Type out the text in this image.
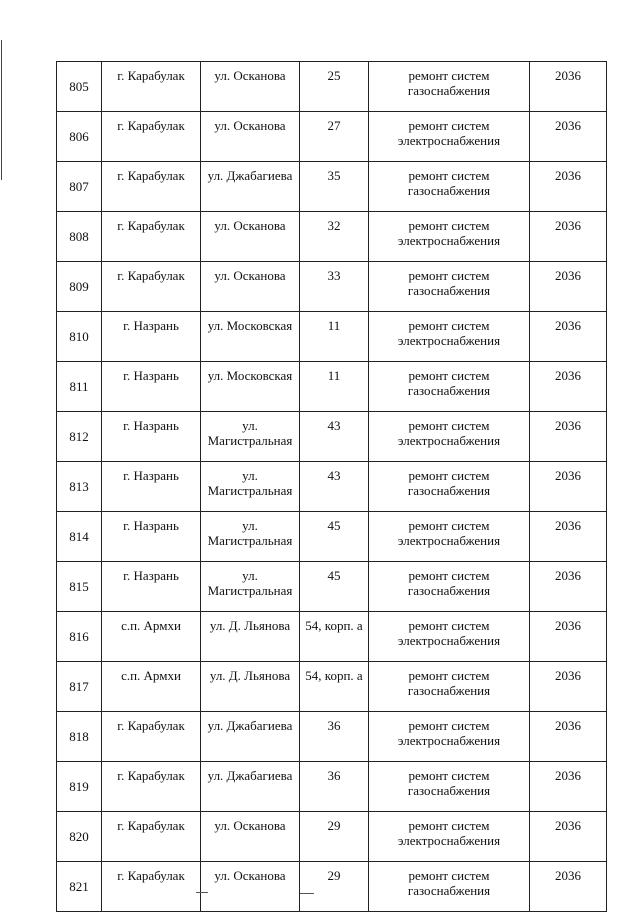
805	г. Карабулак	ул. Осканова	25	ремонт систем газоснабжения	2036

806	г. Карабулак	ул. Осканова	27	ремонт систем электроснабжения	2036

807	г. Карабулак	ул. Джабагиева	35	ремонт систем газоснабжения	2036

808	г. Карабулак	ул. Осканова	32	ремонт систем электроснабжения	2036

809	г. Карабулак	ул. Осканова	33	ремонт систем газоснабжения	2036

810	г. Назрань	ул. Московская	11	ремонт систем электроснабжения	2036

811	г. Назрань	ул. Московская	11	ремонт систем газоснабжения	2036

812	г. Назрань	ул. Магистральная	43	ремонт систем электроснабжения	2036

813	г. Назрань	ул. Магистральная	43	ремонт систем газоснабжения	2036

814	г. Назрань	ул. Магистральная	45	ремонт систем электроснабжения	2036

815	г. Назрань	ул. Магистральная	45	ремонт систем газоснабжения	2036

816	с.п. Армхи	ул. Д. Льянова	54, корп. а	ремонт систем электроснабжения	2036

817	с.п. Армхи	ул. Д. Льянова	54, корп. а	ремонт систем газоснабжения	2036

818	г. Карабулак	ул. Джабагиева	36	ремонт систем электроснабжения	2036

819	г. Карабулак	ул. Джабагиева	36	ремонт систем газоснабжения	2036

820	г. Карабулак	ул. Осканова	29	ремонт систем электроснабжения	2036

821	г. Карабулак	ул. Осканова	29	ремонт систем газоснабжения	2036
